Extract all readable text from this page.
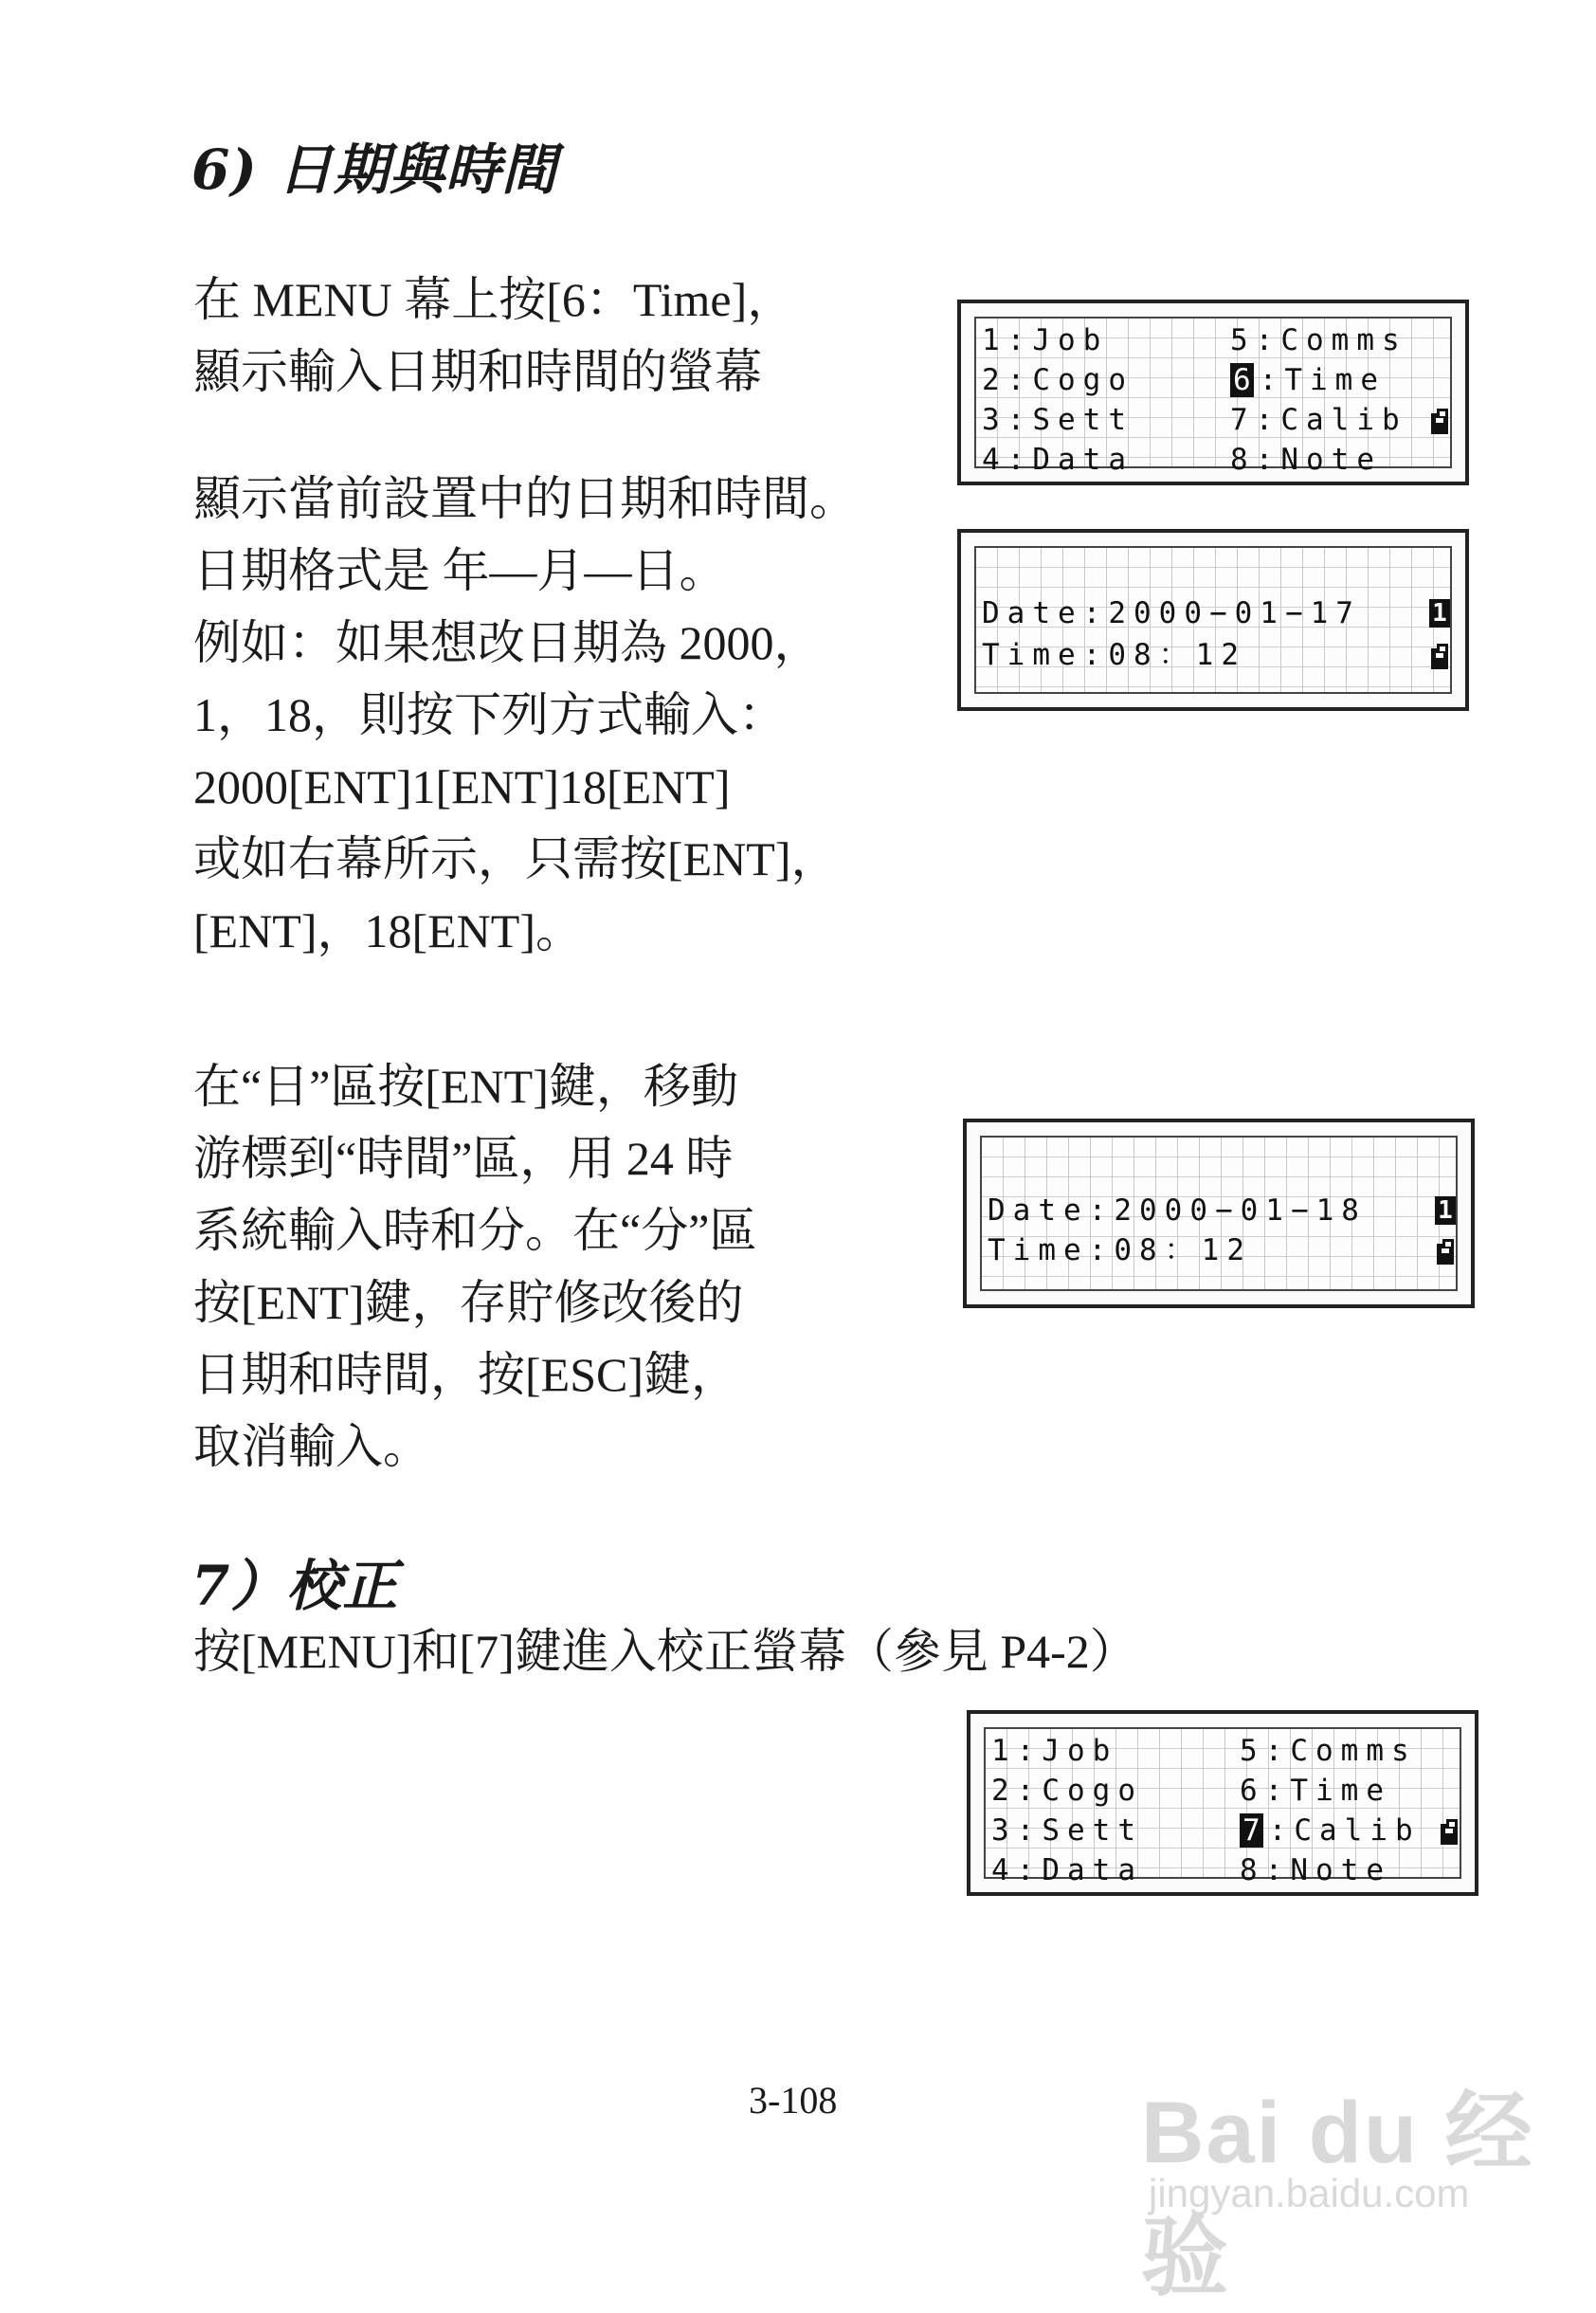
6) 日期與時間
在 MENU 幕上按[6：Time]，
顯示輸入日期和時間的螢幕
顯示當前設置中的日期和時間。
日期格式是 年—月—日。
例如：如果想改日期為 2000，
1，18，則按下列方式輸入：
2000[ENT]1[ENT]18[ENT]
或如右幕所示，只需按[ENT]，
[ENT]，18[ENT]。
在“日”區按[ENT]鍵，移動
游標到“時間”區，用 24 時
系統輸入時和分。在“分”區
按[ENT]鍵，存貯修改後的
日期和時間，按[ESC]鍵，
取消輸入。
7）校正
按[MENU]和[7]鍵進入校正螢幕（參見 P4-2）
1:Job	5:Comms
2:Cogo	6 :Time
3:Sett	7:Calib
4:Data	8:Note
Date:2000−01−17
Time:08：12
1
Date:2000−01−18
Time:08：12
1
1:Job	5:Comms
2:Cogo	6:Time
3:Sett	7 :Calib
4:Data	8:Note
3-108	Bai du 经验
jingyan.baidu.com
